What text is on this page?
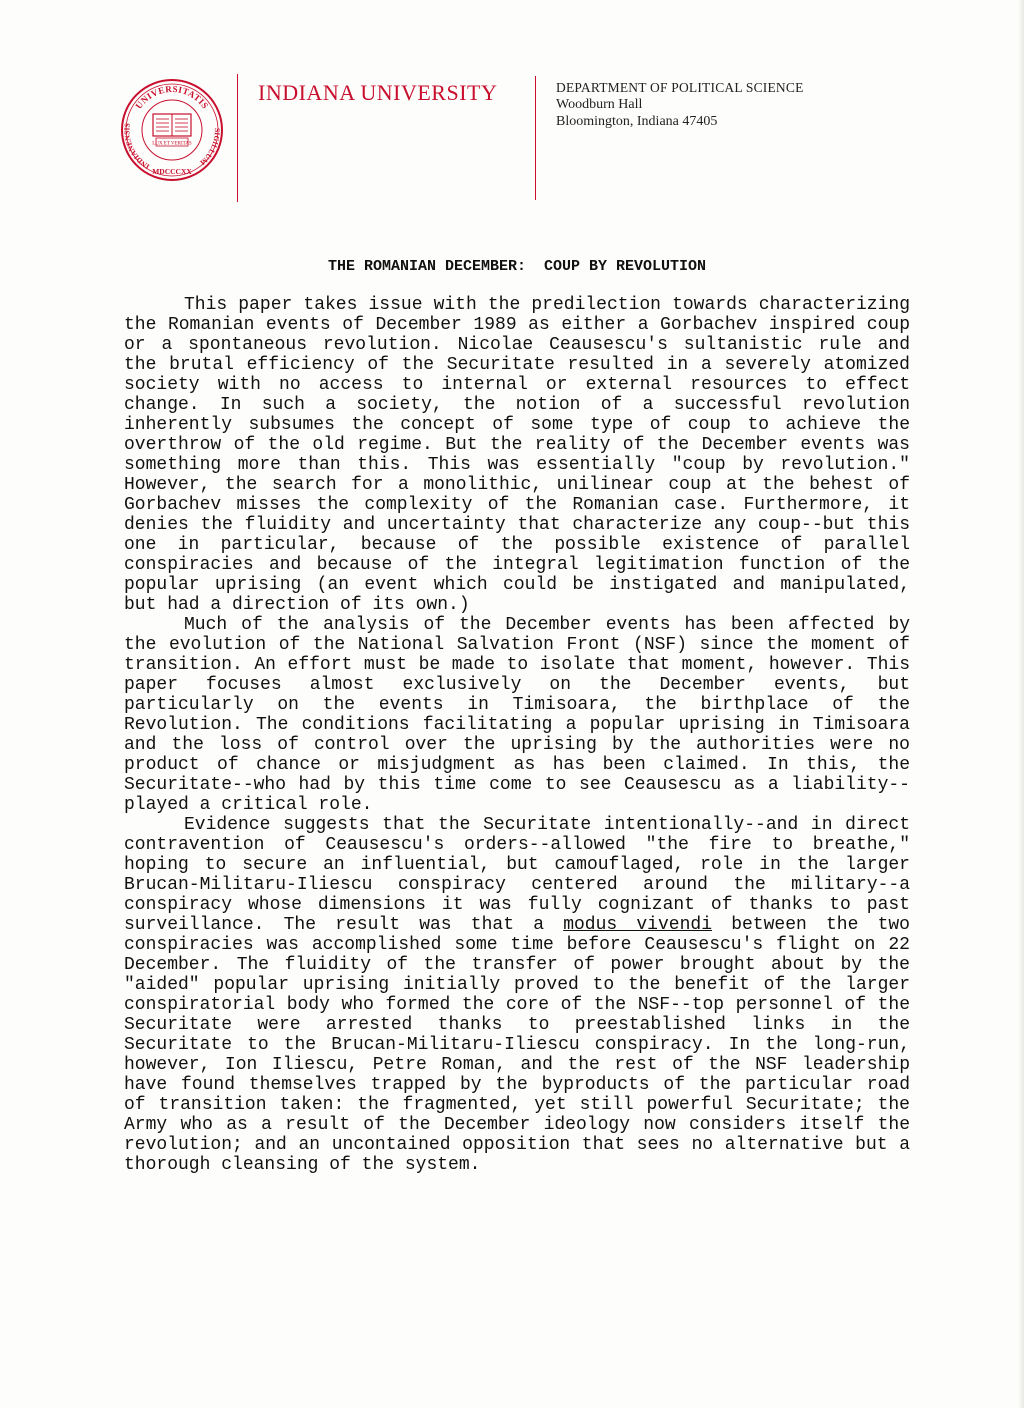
UNIVERSITATIS
INDIANENSIS
SIGILLUM
MDCCCXX
LUX ET VERITAS
INDIANA UNIVERSITY	DEPARTMENT OF POLITICAL SCIENCE
Woodburn Hall
Bloomington, Indiana 47405
THE ROMANIAN DECEMBER:  COUP BY REVOLUTION

This paper takes issue with the predilection towards characterizing the Romanian events of December 1989 as either a Gorbachev inspired coup or a spontaneous revolution. Nicolae Ceausescu's sultanistic rule and the brutal efficiency of the Securitate resulted in a severely atomized society with no access to internal or external resources to effect change. In such a society, the notion of a successful revolution inherently subsumes the concept of some type of coup to achieve the overthrow of the old regime. But the reality of the December events was something more than this. This was essentially "coup by revolution." However, the search for a monolithic, unilinear coup at the behest of Gorbachev misses the complexity of the Romanian case. Furthermore, it denies the fluidity and uncertainty that characterize any coup--but this one in particular, because of the possible existence of parallel conspiracies and because of the integral legitimation function of the popular uprising (an event which could be instigated and manipulated, but had a direction of its own.)

Much of the analysis of the December events has been affected by the evolution of the National Salvation Front (NSF) since the moment of transition. An effort must be made to isolate that moment, however. This paper focuses almost exclusively on the December events, but particularly on the events in Timisoara, the birthplace of the Revolution. The conditions facilitating a popular uprising in Timisoara and the loss of control over the uprising by the authorities were no product of chance or misjudgment as has been claimed. In this, the Securitate--who had by this time come to see Ceausescu as a liability--played a critical role.

Evidence suggests that the Securitate intentionally--and in direct contravention of Ceausescu's orders--allowed "the fire to breathe," hoping to secure an influential, but camouflaged, role in the larger Brucan-Militaru-Iliescu conspiracy centered around the military--a conspiracy whose dimensions it was fully cognizant of thanks to past surveillance. The result was that a modus vivendi between the two conspiracies was accomplished some time before Ceausescu's flight on 22 December. The fluidity of the transfer of power brought about by the "aided" popular uprising initially proved to the benefit of the larger conspiratorial body who formed the core of the NSF--top personnel of the Securitate were arrested thanks to preestablished links in the Securitate to the Brucan-Militaru-Iliescu conspiracy. In the long-run, however, Ion Iliescu, Petre Roman, and the rest of the NSF leadership have found themselves trapped by the byproducts of the particular road of transition taken: the fragmented, yet still powerful Securitate; the Army who as a result of the December ideology now considers itself the revolution; and an uncontained opposition that sees no alternative but a thorough cleansing of the system.
